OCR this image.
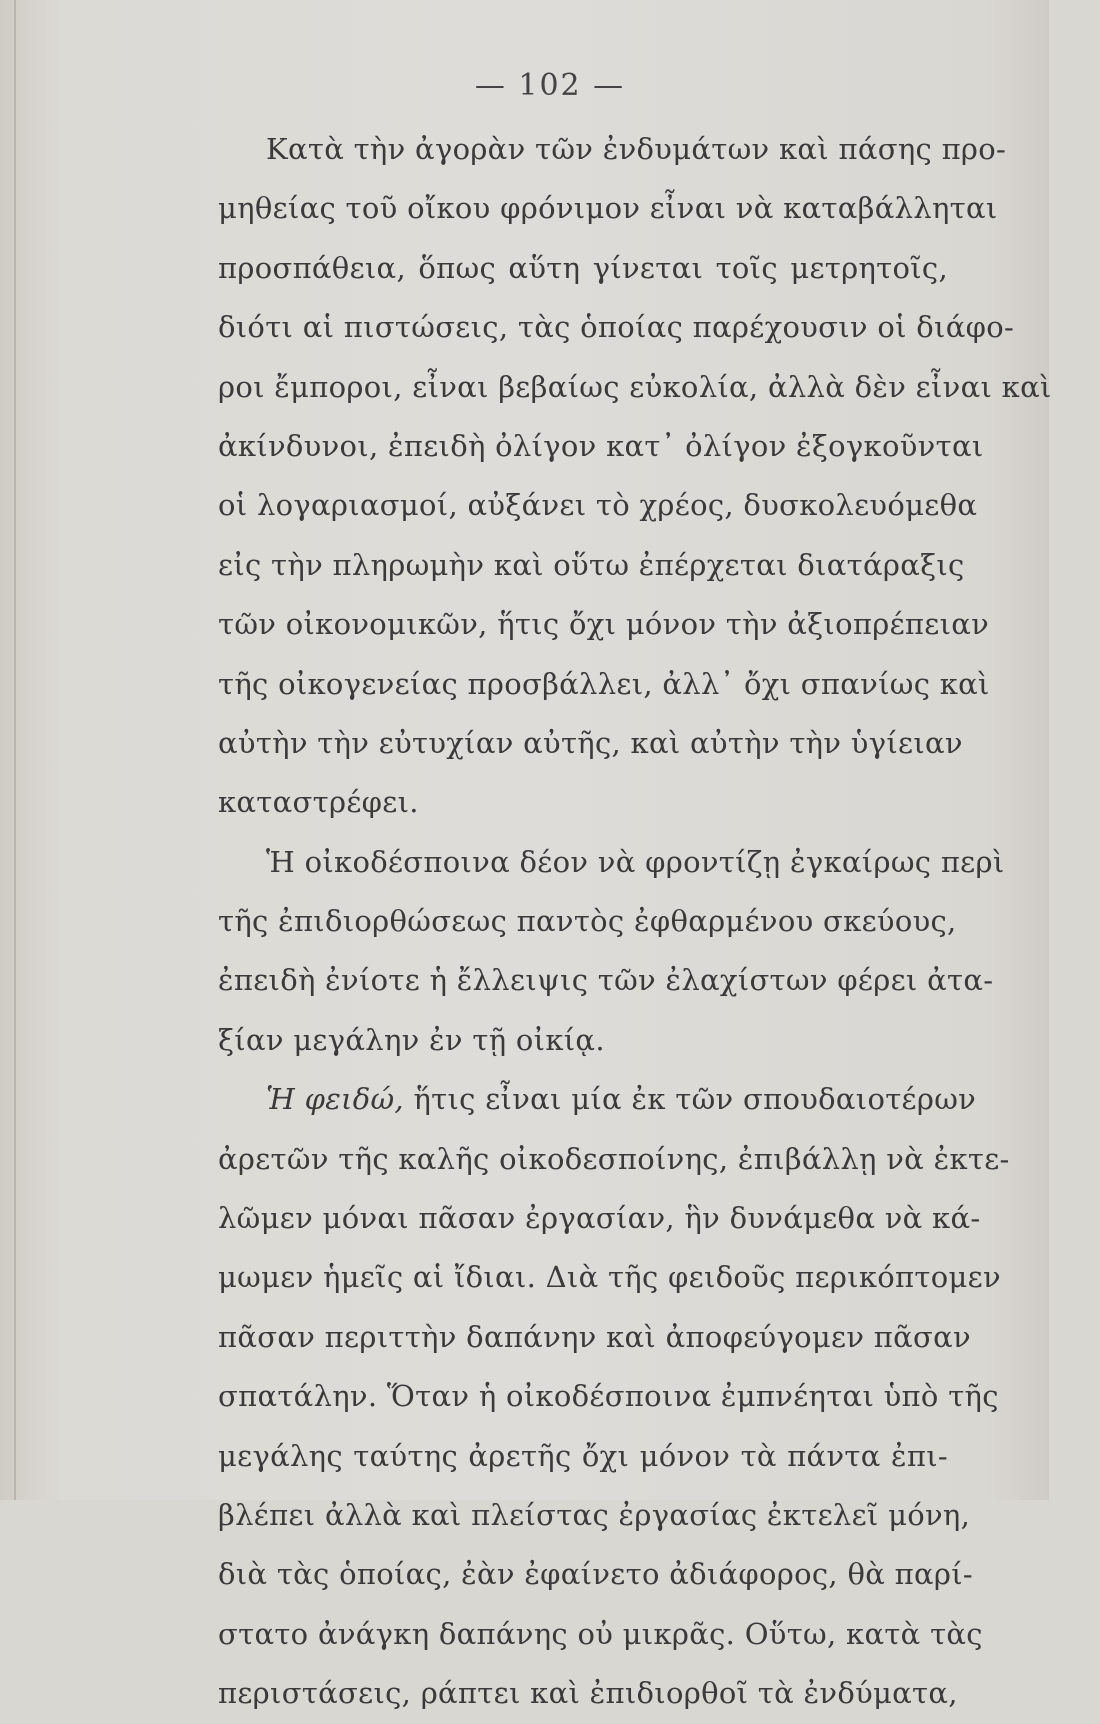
— 102 —
Κατὰ τὴν ἀγορὰν τῶν ἐνδυμάτων καὶ πάσης προ-
μηθείας τοῦ οἴκου φρόνιμον εἶναι νὰ καταβάλληται
προσπάθεια, ὅπως αὕτη γίνεται τοῖς μετρητοῖς,
διότι αἱ πιστώσεις, τὰς ὁποίας παρέχουσιν οἱ διάφο-
ροι ἔμποροι, εἶναι βεβαίως εὐκολία, ἀλλὰ δὲν εἶναι καὶ
ἀκίνδυνοι, ἐπειδὴ ὀλίγον κατ᾽ ὀλίγον ἐξογκοῦνται
οἱ λογαριασμοί, αὐξάνει τὸ χρέος, δυσκολευόμεθα
εἰς τὴν πληρωμὴν καὶ οὕτω ἐπέρχεται διατάραξις
τῶν οἰκονομικῶν, ἥτις ὄχι μόνον τὴν ἀξιοπρέπειαν
τῆς οἰκογενείας προσβάλλει, ἀλλ᾽ ὄχι σπανίως καὶ
αὐτὴν τὴν εὐτυχίαν αὐτῆς, καὶ αὐτὴν τὴν ὑγίειαν
καταστρέφει.
Ἡ οἰκοδέσποινα δέον νὰ φροντίζῃ ἐγκαίρως περὶ
τῆς ἐπιδιορθώσεως παντὸς ἐφθαρμένου σκεύους,
ἐπειδὴ ἐνίοτε ἡ ἔλλειψις τῶν ἐλαχίστων φέρει ἀτα-
ξίαν μεγάλην ἐν τῇ οἰκίᾳ.
Ἡ φειδώ, ἥτις εἶναι μία ἐκ τῶν σπουδαιοτέρων
ἀρετῶν τῆς καλῆς οἰκοδεσποίνης, ἐπιβάλλῃ νὰ ἐκτε-
λῶμεν μόναι πᾶσαν ἐργασίαν, ἣν δυνάμεθα νὰ κά-
μωμεν ἡμεῖς αἱ ἴδιαι. Διὰ τῆς φειδοῦς περικόπτομεν
πᾶσαν περιττὴν δαπάνην καὶ ἀποφεύγομεν πᾶσαν
σπατάλην. Ὅταν ἡ οἰκοδέσποινα ἐμπνέηται ὑπὸ τῆς
μεγάλης ταύτης ἀρετῆς ὄχι μόνον τὰ πάντα ἐπι-
βλέπει ἀλλὰ καὶ πλείστας ἐργασίας ἐκτελεῖ μόνη,
διὰ τὰς ὁποίας, ἐὰν ἐφαίνετο ἀδιάφορος, θὰ παρί-
στατο ἀνάγκη δαπάνης οὐ μικρᾶς. Οὕτω, κατὰ τὰς
περιστάσεις, ράπτει καὶ ἐπιδιορθοῖ τὰ ἐνδύματα,
